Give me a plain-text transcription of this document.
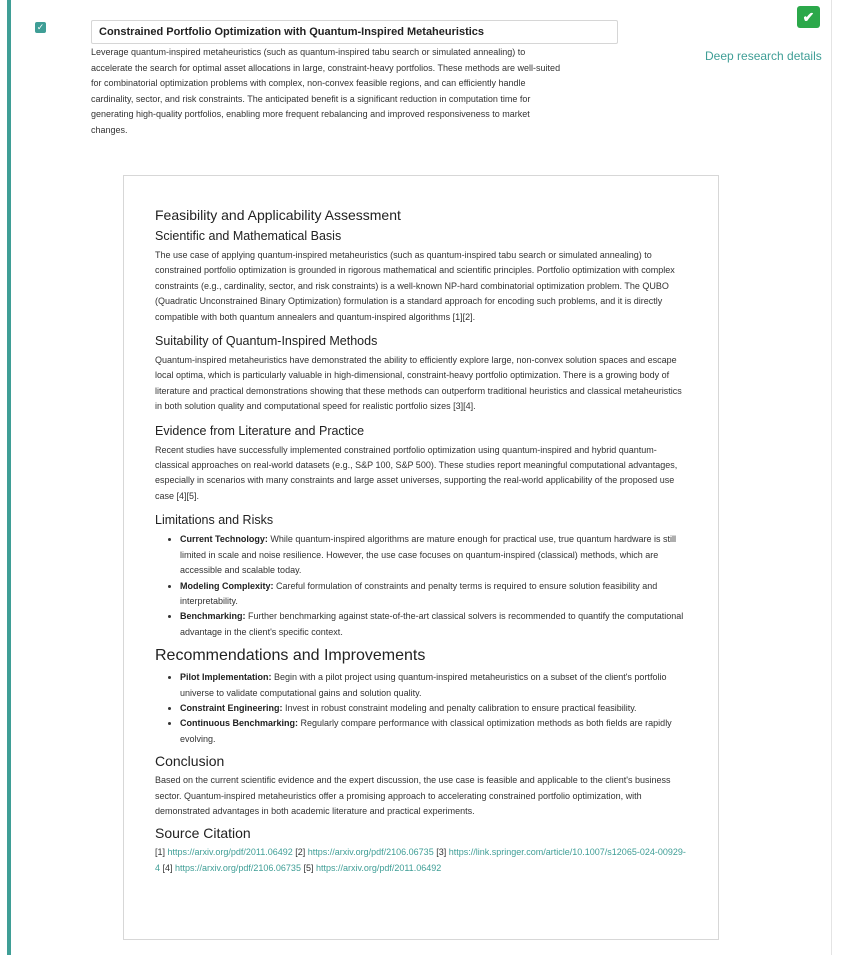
✓
Constrained Portfolio Optimization with Quantum-Inspired Metaheuristics
✔
Deep research details

Leverage quantum-inspired metaheuristics (such as quantum-inspired tabu search or simulated annealing) to accelerate the search for optimal asset allocations in large, constraint-heavy portfolios. These methods are well-suited for combinatorial optimization problems with complex, non-convex feasible regions, and can efficiently handle cardinality, sector, and risk constraints. The anticipated benefit is a significant reduction in computation time for generating high-quality portfolios, enabling more frequent rebalancing and improved responsiveness to market changes.

Feasibility and Applicability Assessment
Scientific and Mathematical Basis

The use case of applying quantum-inspired metaheuristics (such as quantum-inspired tabu search or simulated annealing) to constrained portfolio optimization is grounded in rigorous mathematical and scientific principles. Portfolio optimization with complex constraints (e.g., cardinality, sector, and risk constraints) is a well-known NP-hard combinatorial optimization problem. The QUBO (Quadratic Unconstrained Binary Optimization) formulation is a standard approach for encoding such problems, and it is directly compatible with both quantum annealers and quantum-inspired algorithms [1][2].

Suitability of Quantum-Inspired Methods

Quantum-inspired metaheuristics have demonstrated the ability to efficiently explore large, non-convex solution spaces and escape local optima, which is particularly valuable in high-dimensional, constraint-heavy portfolio optimization. There is a growing body of literature and practical demonstrations showing that these methods can outperform traditional heuristics and classical metaheuristics in both solution quality and computational speed for realistic portfolio sizes [3][4].

Evidence from Literature and Practice

Recent studies have successfully implemented constrained portfolio optimization using quantum-inspired and hybrid quantum-classical approaches on real-world datasets (e.g., S&P 100, S&P 500). These studies report meaningful computational advantages, especially in scenarios with many constraints and large asset universes, supporting the real-world applicability of the proposed use case [4][5].

Limitations and Risks
• Current Technology: While quantum-inspired algorithms are mature enough for practical use, true quantum hardware is still limited in scale and noise resilience. However, the use case focuses on quantum-inspired (classical) methods, which are accessible and scalable today.
• Modeling Complexity: Careful formulation of constraints and penalty terms is required to ensure solution feasibility and interpretability.
• Benchmarking: Further benchmarking against state-of-the-art classical solvers is recommended to quantify the computational advantage in the client's specific context.
Recommendations and Improvements
• Pilot Implementation: Begin with a pilot project using quantum-inspired metaheuristics on a subset of the client's portfolio universe to validate computational gains and solution quality.
• Constraint Engineering: Invest in robust constraint modeling and penalty calibration to ensure practical feasibility.
• Continuous Benchmarking: Regularly compare performance with classical optimization methods as both fields are rapidly evolving.
Conclusion

Based on the current scientific evidence and the expert discussion, the use case is feasible and applicable to the client's business sector. Quantum-inspired metaheuristics offer a promising approach to accelerating constrained portfolio optimization, with demonstrated advantages in both academic literature and practical experiments.

Source Citation

[1] https://arxiv.org/pdf/2011.06492 [2] https://arxiv.org/pdf/2106.06735 [3] https://link.springer.com/article/10.1007/s12065-024-00929-4 [4] https://arxiv.org/pdf/2106.06735 [5] https://arxiv.org/pdf/2011.06492
